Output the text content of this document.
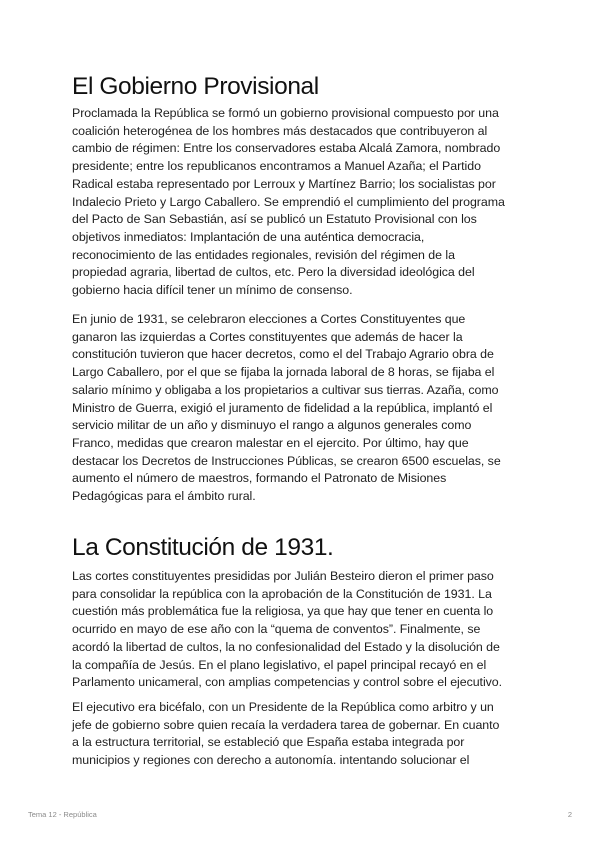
El Gobierno Provisional

Proclamada la República se formó un gobierno provisional compuesto por una
coalición heterogénea de los hombres más destacados que contribuyeron al
cambio de régimen: Entre los conservadores estaba Alcalá Zamora, nombrado
presidente; entre los republicanos encontramos a Manuel Azaña; el Partido
Radical estaba representado por Lerroux y Martínez Barrio; los socialistas por
Indalecio Prieto y Largo Caballero. Se emprendió el cumplimiento del programa
del Pacto de San Sebastián, así se publicó un Estatuto Provisional con los
objetivos inmediatos: Implantación de una auténtica democracia,
reconocimiento de las entidades regionales, revisión del régimen de la
propiedad agraria, libertad de cultos, etc. Pero la diversidad ideológica del
gobierno hacia difícil tener un mínimo de consenso.

En junio de 1931, se celebraron elecciones a Cortes Constituyentes que
ganaron las izquierdas a Cortes constituyentes que además de hacer la
constitución tuvieron que hacer decretos, como el del Trabajo Agrario obra de
Largo Caballero, por el que se fijaba la jornada laboral de 8 horas, se fijaba el
salario mínimo y obligaba a los propietarios a cultivar sus tierras. Azaña, como
Ministro de Guerra, exigió el juramento de fidelidad a la república, implantó el
servicio militar de un año y disminuyo el rango a algunos generales como
Franco, medidas que crearon malestar en el ejercito. Por último, hay que
destacar los Decretos de Instrucciones Públicas, se crearon 6500 escuelas, se
aumento el número de maestros, formando el Patronato de Misiones
Pedagógicas para el ámbito rural.

La Constitución de 1931.

Las cortes constituyentes presididas por Julián Besteiro dieron el primer paso
para consolidar la república con la aprobación de la Constitución de 1931. La
cuestión más problemática fue la religiosa, ya que hay que tener en cuenta lo
ocurrido en mayo de ese año con la “quema de conventos”. Finalmente, se
acordó la libertad de cultos, la no confesionalidad del Estado y la disolución de
la compañía de Jesús. En el plano legislativo, el papel principal recayó en el
Parlamento unicameral, con amplias competencias y control sobre el ejecutivo.

El ejecutivo era bicéfalo, con un Presidente de la República como arbitro y un
jefe de gobierno sobre quien recaía la verdadera tarea de gobernar. En cuanto
a la estructura territorial, se estableció que España estaba integrada por
municipios y regiones con derecho a autonomía. intentando solucionar el

Tema 12 - República	2
